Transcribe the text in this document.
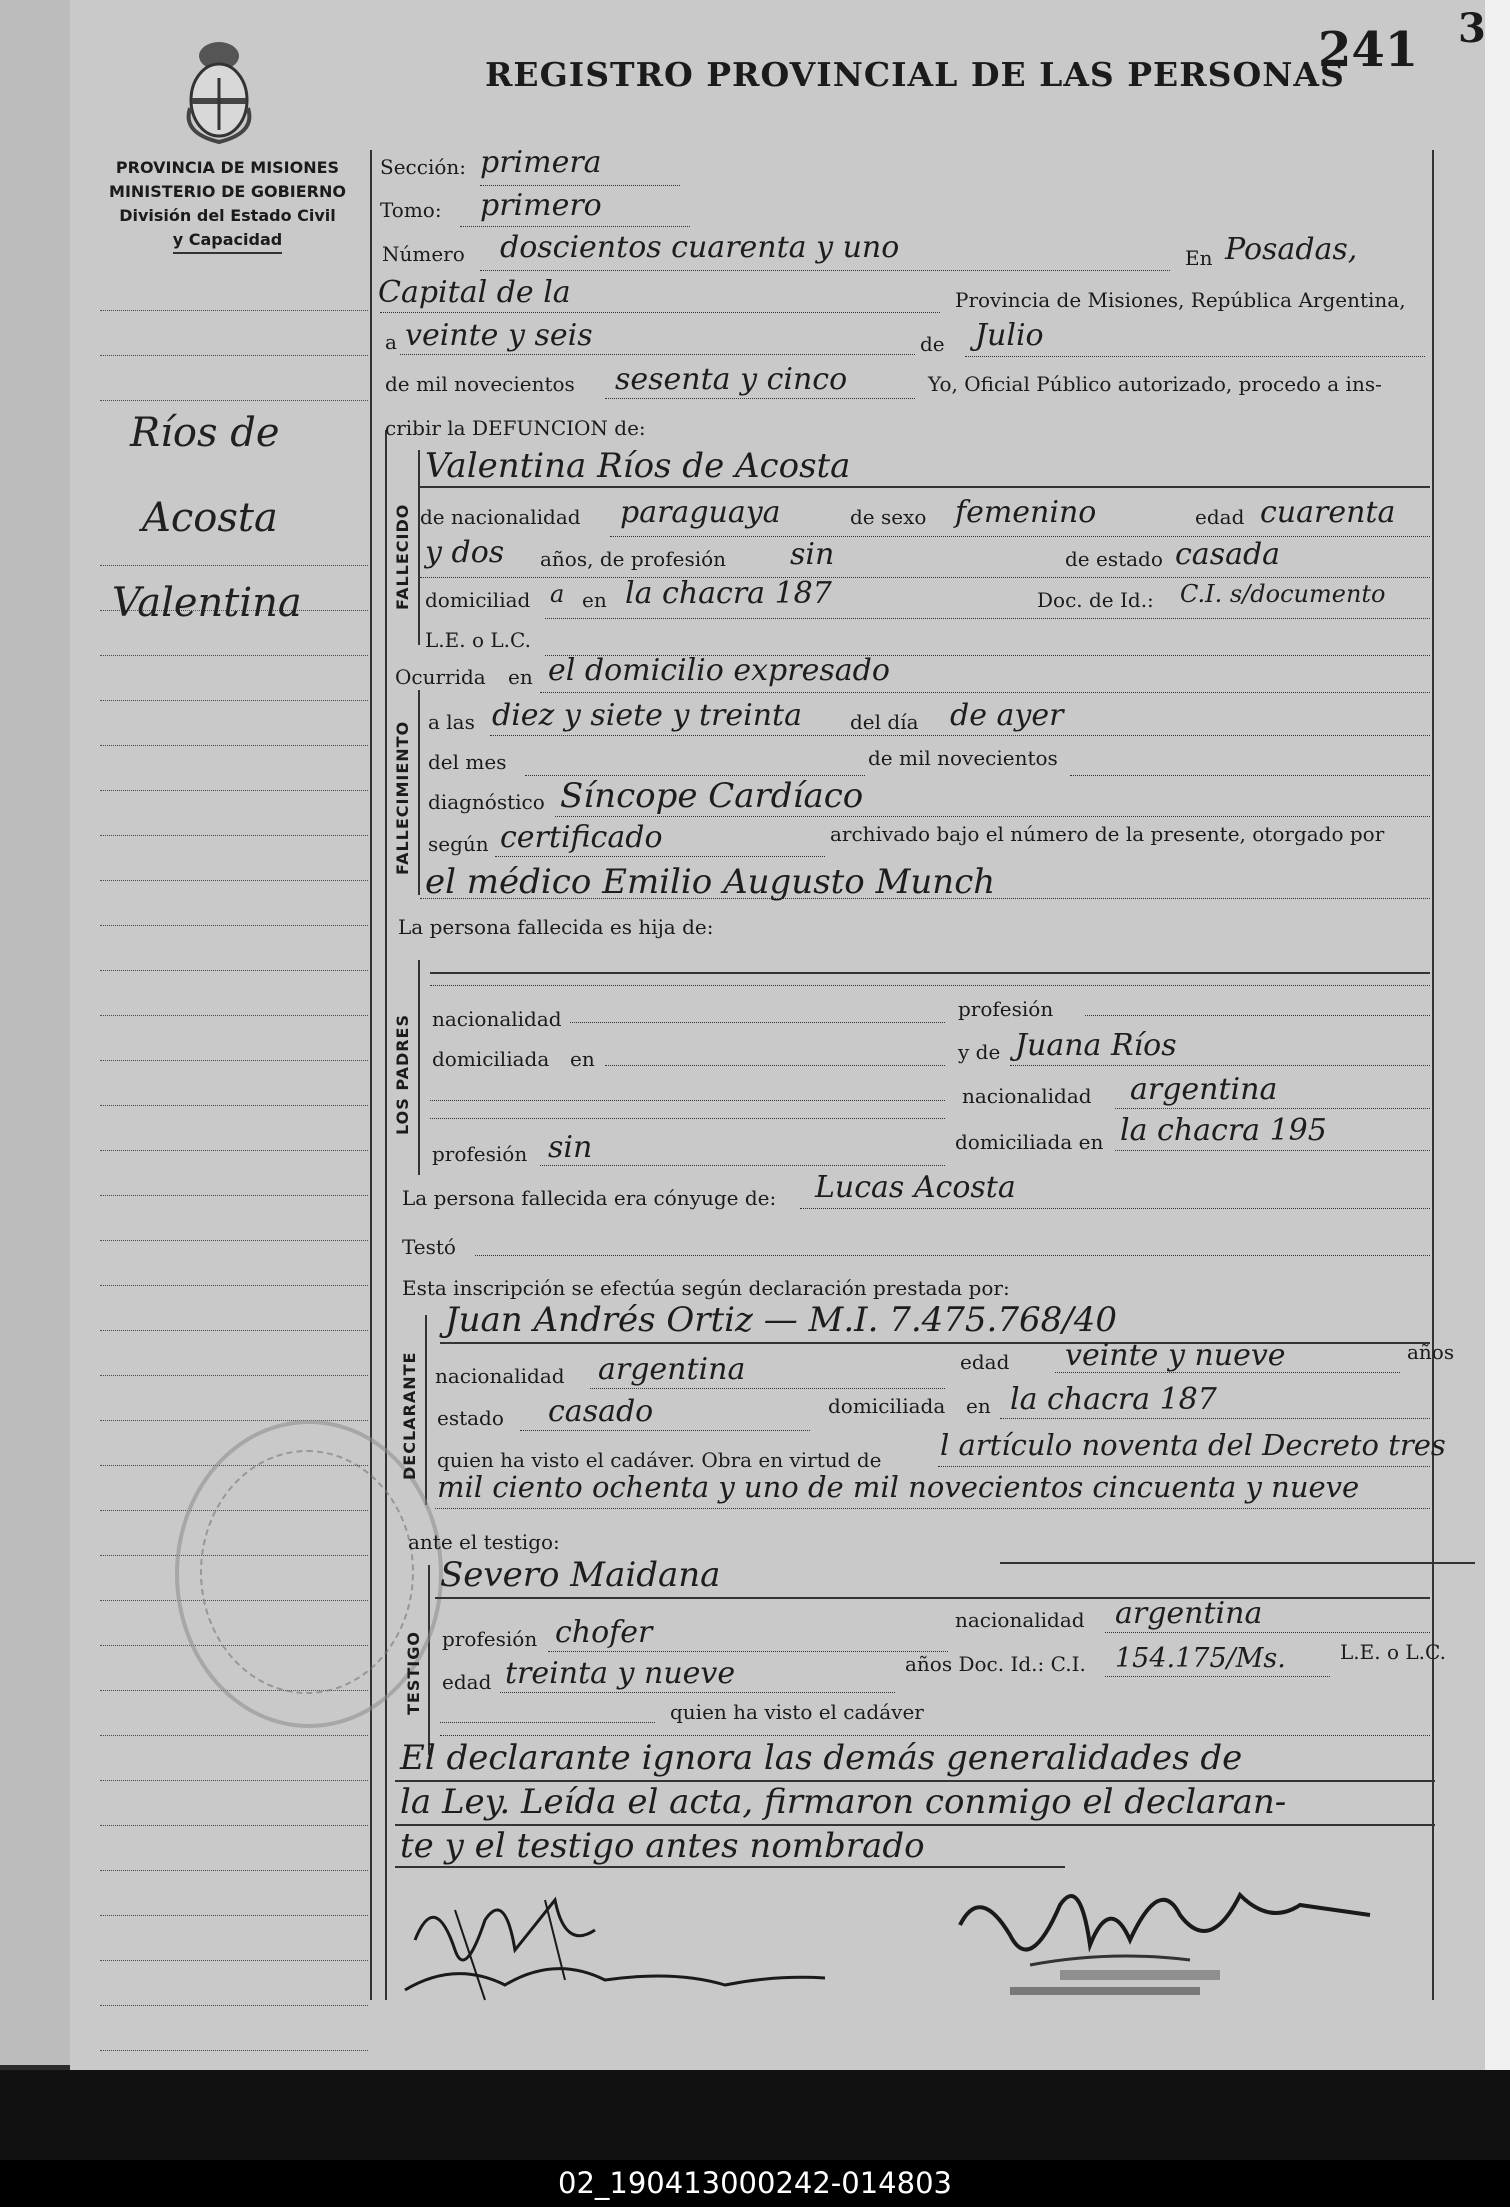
REGISTRO PROVINCIAL DE LAS PERSONAS
241 3
PROVINCIA DE MISIONES
MINISTERIO DE GOBIERNO
División del Estado Civil
y Capacidad
Ríos de
Acosta
Valentina
Sección: primera
Tomo: primero
Número doscientos cuarenta y uno	En Posadas,
Capital de la	Provincia de Misiones, República Argentina,
a veinte y seis	de Julio
de mil novecientos sesenta y cinco	Yo, Oficial Público autorizado, procedo a ins-
cribir la DEFUNCION de:
FALLECIDO
Valentina Ríos de Acosta
de nacionalidad paraguaya	de sexo femenino	edad cuarenta
y dos años, de profesión sin	de estado casada
domiciliad a en la chacra 187	Doc. de Id.: C.I. s/documento
L.E. o L.C.
Ocurrida en el domicilio expresado
FALLECIMIENTO a las diez y siete y treinta del día de ayer
del mes	de mil novecientos
diagnóstico Síncope Cardíaco
según certificado	archivado bajo el número de la presente, otorgado por
el médico Emilio Augusto Munch
La persona fallecida es hija de:
LOS PADRES nacionalidad	profesión
domiciliada en	y de Juana Ríos
nacionalidad argentina
profesión sin	domiciliada en la chacra 195
La persona fallecida era cónyuge de: Lucas Acosta
Testó
Esta inscripción se efectúa según declaración prestada por:
DECLARANTE
Juan Andrés Ortiz — M.I. 7.475.768/40
nacionalidad argentina	edad veinte y nueve	años
estado casado	domiciliada en la chacra 187
quien ha visto el cadáver. Obra en virtud de l artículo noventa del Decreto tres
mil ciento ochenta y uno de mil novecientos cincuenta y nueve
ante el testigo:
TESTIGO
Severo Maidana
profesión chofer	nacionalidad argentina
edad treinta y nueve	años Doc. Id.: C.I. 154.175/Ms.	L.E. o L.C.
quien ha visto el cadáver
El declarante ignora las demás generalidades de
la Ley. Leída el acta, firmaron conmigo el declaran-
te y el testigo antes nombrado
02_190413000242-014803
